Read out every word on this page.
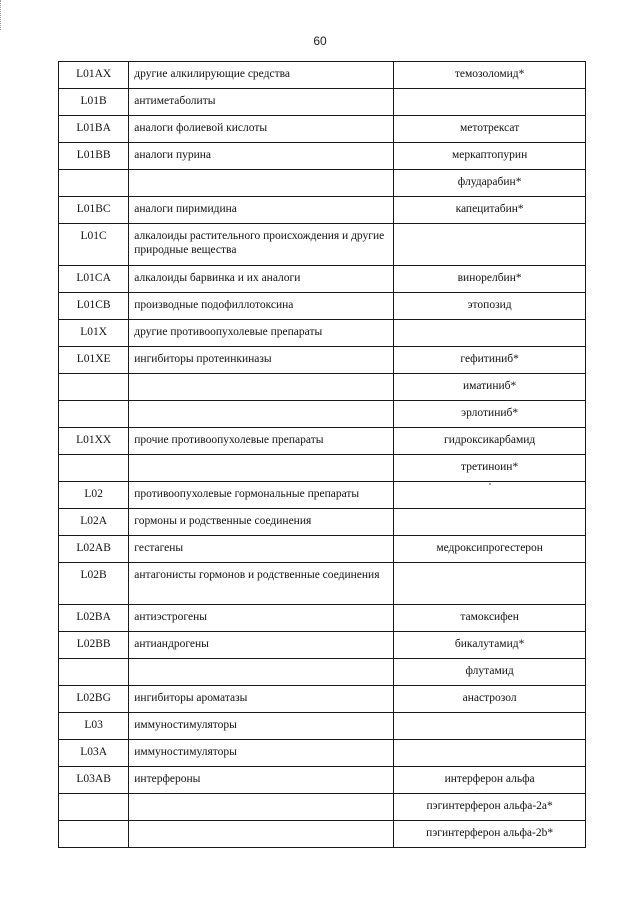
60
L01AX	другие алкилирующие средства	темозоломид*
L01B	антиметаболиты	
L01BA	аналоги фолиевой кислоты	метотрексат
L01BB	аналоги пурина	меркаптопурин
		флударабин*
L01BC	аналоги пиримидина	капецитабин*
L01C	алкалоиды растительного происхождения и другие природные вещества	
L01CA	алкалоиды барвинка и их аналоги	винорелбин*
L01CB	производные подофиллотоксина	этопозид
L01X	другие противоопухолевые препараты	
L01XE	ингибиторы протеинкиназы	гефитиниб*
		иматиниб*
		эрлотиниб*
L01XX	прочие противоопухолевые препараты	гидроксикарбамид
		третиноин*
L02	противоопухолевые гормональные препараты	
L02A	гормоны и родственные соединения	
L02AB	гестагены	медроксипрогестерон
L02B	антагонисты гормонов и родственные соединения	
L02BA	антиэстрогены	тамоксифен
L02BB	антиандрогены	бикалутамид*
		флутамид
L02BG	ингибиторы ароматазы	анастрозол
L03	иммуностимуляторы	
L03A	иммуностимуляторы	
L03AB	интерфероны	интерферон альфа
		пэгинтерферон альфа-2а*
		пэгинтерферон альфа-2b*
